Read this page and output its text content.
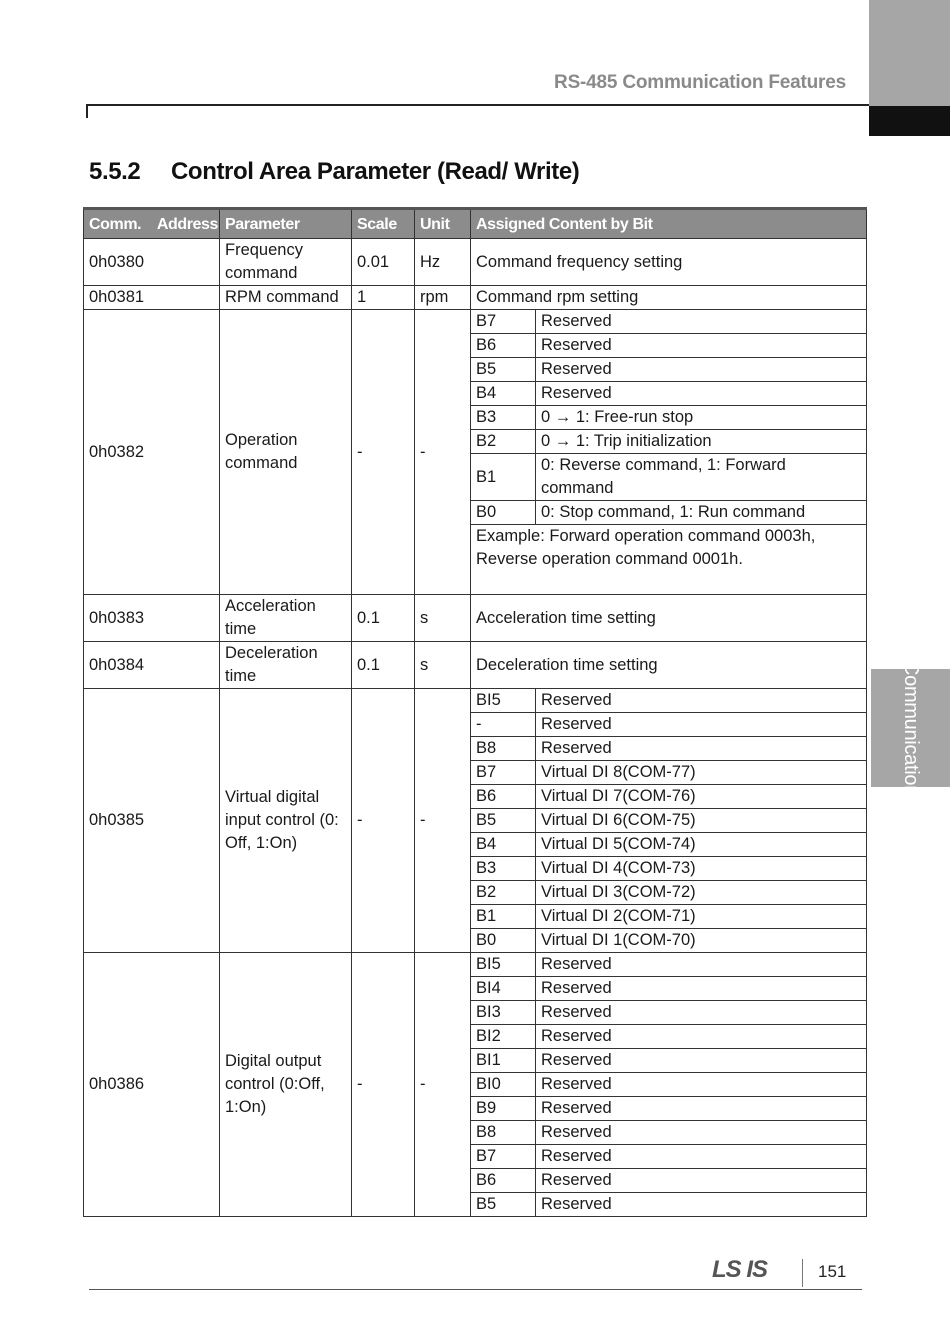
RS-485 Communication Features
5.5.2 Control Area Parameter (Read/ Write)
Communication
Comm.    Address	Parameter	Scale	Unit	Assigned Content by Bit	
0h0380	Frequency command	0.01	Hz	Command frequency setting	
0h0381	RPM command	1	rpm	Command rpm setting	
0h0382	Operation command	-	-	B7	Reserved
				B6	Reserved
				B5	Reserved
				B4	Reserved
				B3	0 → 1: Free-run stop
				B2	0 → 1: Trip initialization
				B1	0: Reverse command, 1: Forward command
				B0	0: Stop command, 1: Run command
				Example: Forward operation command 0003h, Reverse operation command 0001h.	
0h0383	Acceleration time	0.1	s	Acceleration time setting	
0h0384	Deceleration time	0.1	s	Deceleration time setting	
0h0385	Virtual digital input control (0: Off, 1:On)	-	-	BI5	Reserved
				-	Reserved
				B8	Reserved
				B7	Virtual DI 8(COM-77)
				B6	Virtual DI 7(COM-76)
				B5	Virtual DI 6(COM-75)
				B4	Virtual DI 5(COM-74)
				B3	Virtual DI 4(COM-73)
				B2	Virtual DI 3(COM-72)
				B1	Virtual DI 2(COM-71)
				B0	Virtual DI 1(COM-70)
0h0386	Digital output control (0:Off, 1:On)	-	-	BI5	Reserved
				BI4	Reserved
				BI3	Reserved
				BI2	Reserved
				BI1	Reserved
				BI0	Reserved
				B9	Reserved
				B8	Reserved
				B7	Reserved
				B6	Reserved
				B5	Reserved
LS IS	151
